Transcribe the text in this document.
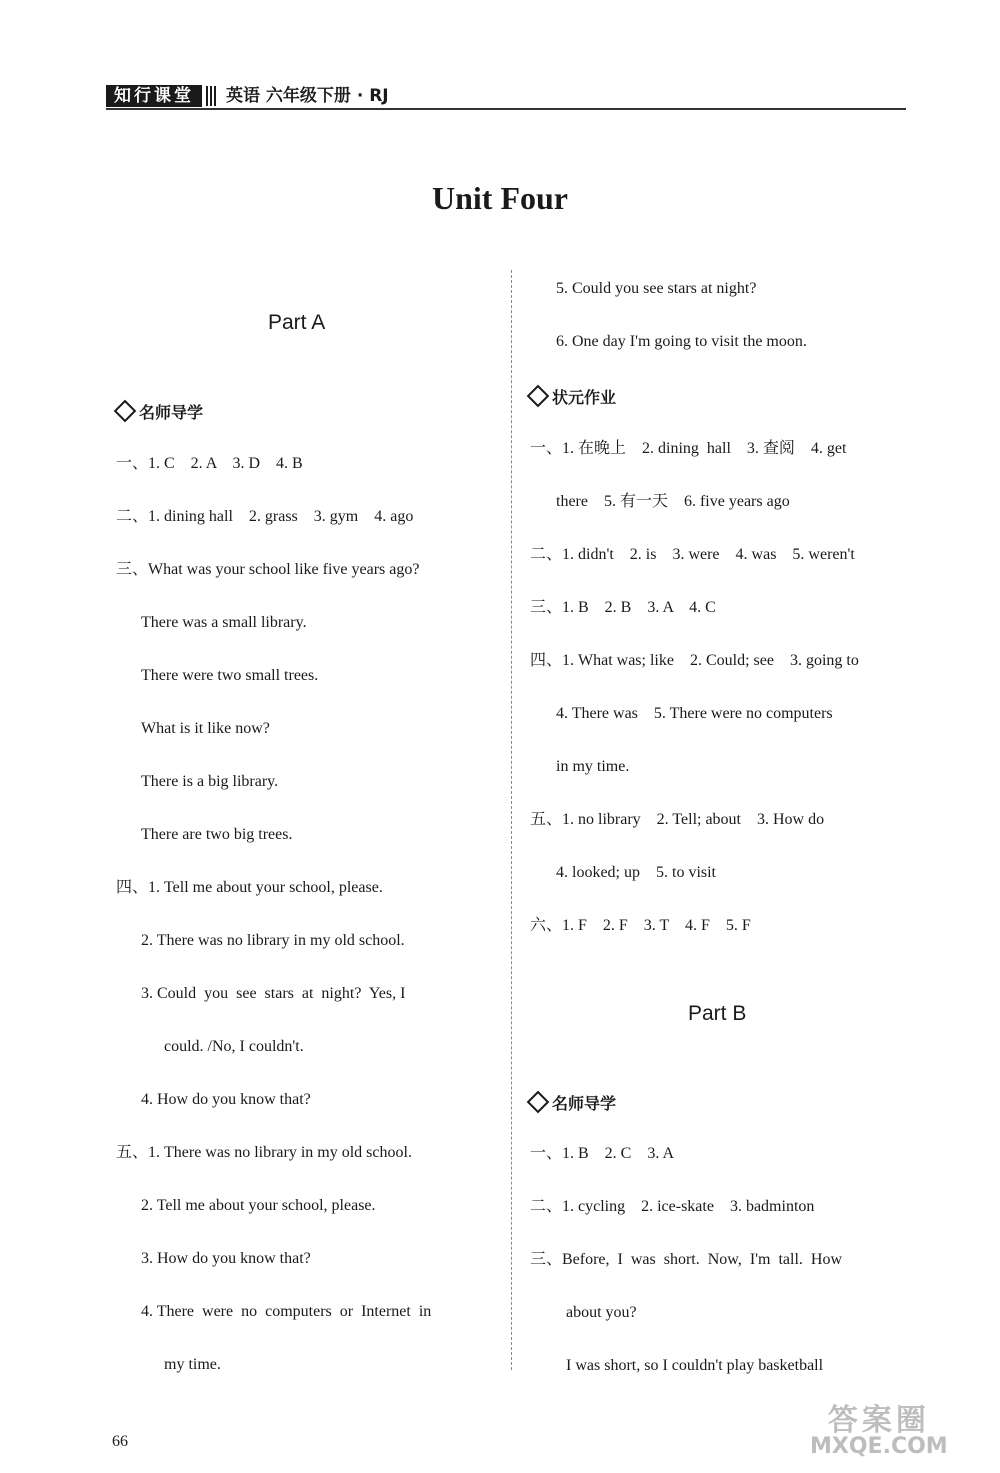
知行课堂	英语 六年级下册 · RJ
Unit Four
Part A
名师导学
一、1. C    2. A    3. D    4. B
二、1. dining hall    2. grass    3. gym    4. ago
三、What was your school like five years ago?
There was a small library.
There were two small trees.
What is it like now?
There is a big library.
There are two big trees.
四、1. Tell me about your school, please.
2. There was no library in my old school.
3. Could  you  see  stars  at  night?  Yes, I
could. /No, I couldn't.
4. How do you know that?
五、1. There was no library in my old school.
2. Tell me about your school, please.
3. How do you know that?
4. There  were  no  computers  or  Internet  in
my time.
5. Could you see stars at night?
6. One day I'm going to visit the moon.
状元作业
一、1. 在晚上    2. dining  hall    3. 查阅    4. get
there    5. 有一天    6. five years ago
二、1. didn't    2. is    3. were    4. was    5. weren't
三、1. B    2. B    3. A    4. C
四、1. What was; like    2. Could; see    3. going to
4. There was    5. There were no computers
in my time.
五、1. no library    2. Tell; about    3. How do
4. looked; up    5. to visit
六、1. F    2. F    3. T    4. F    5. F
Part B
名师导学
一、1. B    2. C    3. A
二、1. cycling    2. ice-skate    3. badminton
三、Before,  I  was  short.  Now,  I'm  tall.  How
about you?
I was short, so I couldn't play basketball
66
答案圈
MXQE.COM
